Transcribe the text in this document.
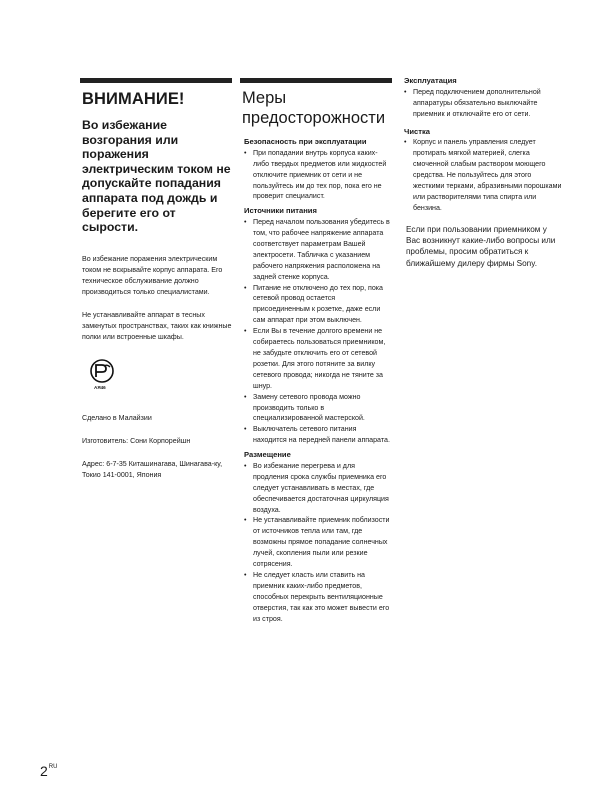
ВНИМАНИЕ!
Во избежание возгорания или поражения электрическим током не допускайте попадания аппарата под дождь и берегите его от сырости.
Во избежание поражения электрическим током не вскрывайте корпус аппарата. Его техническое обслуживание должно производиться только специалистами.
Не устанавливайте аппарат в тесных замкнутых пространствах, таких как книжные полки или встроенные шкафы.
AЯ46
Сделано в Малайзии
Изготовитель: Сони Корпорейшн
Адрес: 6-7-35 Киташинагава, Шинагава-ку, Токио 141-0001, Япония
Меры предосторожности
Безопасность при эксплуатации
• При попадании внутрь корпуса каких-либо твердых предметов или жидкостей отключите приемник от сети и не пользуйтесь им до тех пор, пока его не проверит специалист.
Источники питания
• Перед началом пользования убедитесь в том, что рабочее напряжение аппарата соответствует параметрам Вашей электросети. Табличка с указанием рабочего напряжения расположена на задней стенке корпуса.
• Питание не отключено до тех пор, пока сетевой провод остается присоединенным к розетке, даже если сам аппарат при этом выключен.
• Если Вы в течение долгого времени не собираетесь пользоваться приемником, не забудьте отключить его от сетевой розетки. Для этого потяните за вилку сетевого провода; никогда не тяните за шнур.
• Замену сетевого провода можно производить только в специализированной мастерской.
• Выключатель сетевого питания находится на передней панели аппарата.
Размещение
• Во избежание перегрева и для продления срока службы приемника его следует устанавливать в местах, где обеспечивается достаточная циркуляция воздуха.
• Не устанавливайте приемник поблизости от источников тепла или там, где возможны прямое попадание солнечных лучей, скопления пыли или резкие сотрясения.
• Не следует класть или ставить на приемник каких-либо предметов, способных перекрыть вентиляционные отверстия, так как это может вывести его из строя.
Эксплуатация
• Перед подключением дополнительной аппаратуры обязательно выключайте приемник и отключайте его от сети.
Чистка
• Корпус и панель управления следует протирать мягкой материей, слегка смоченной слабым раствором моющего средства. Не пользуйтесь для этого жесткими терками, абразивными порошками или растворителями типа спирта или бензина.
Если при пользовании приемником у Вас возникнут какие-либо вопросы или проблемы, просим обратиться к ближайшему дилеру фирмы Sony.
$2^{RU}$
